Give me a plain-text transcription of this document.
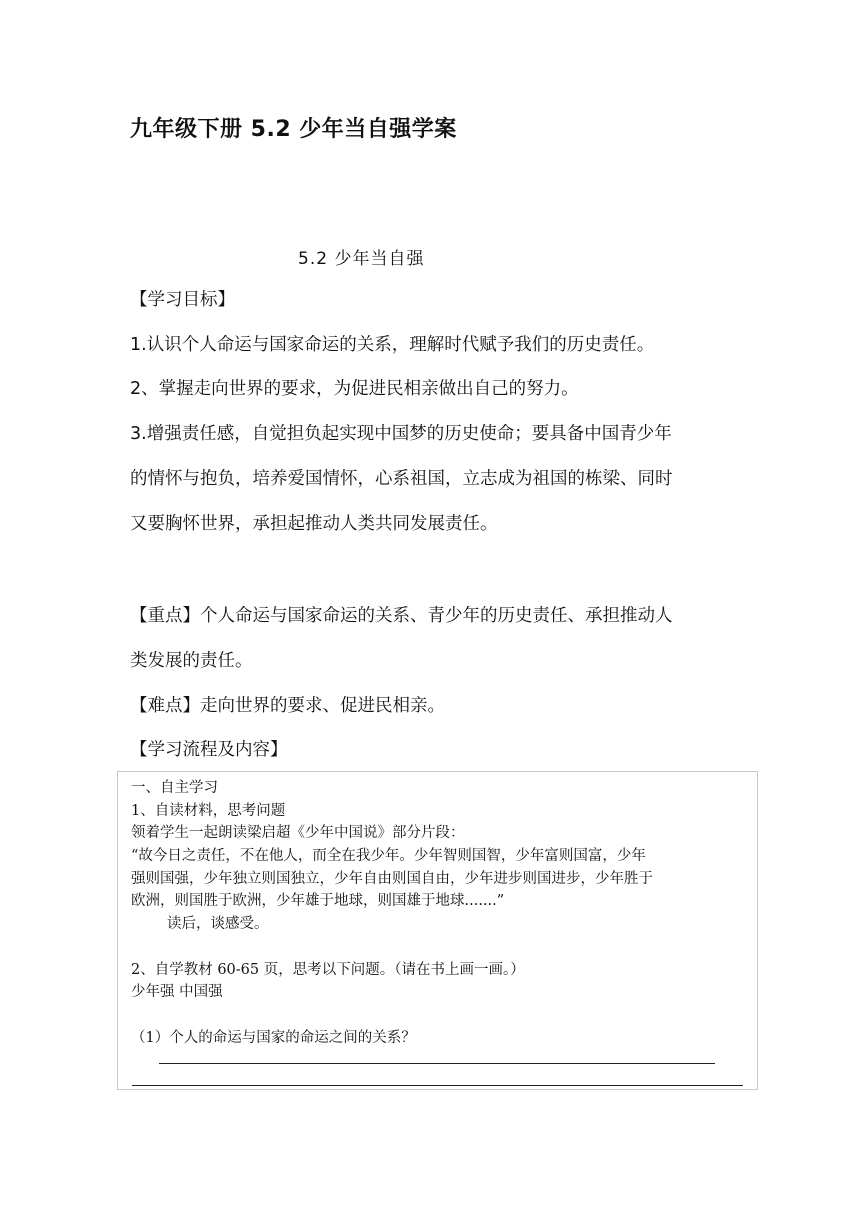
九年级下册 5.2 少年当自强学案
5.2 少年当自强
【学习目标】
1.认识个人命运与国家命运的关系，理解时代赋予我们的历史责任。
2、掌握走向世界的要求，为促进民相亲做出自己的努力。
3.增强责任感，自觉担负起实现中国梦的历史使命；要具备中国青少年
的情怀与抱负，培养爱国情怀，心系祖国，立志成为祖国的栋梁、同时
又要胸怀世界，承担起推动人类共同发展责任。
【重点】个人命运与国家命运的关系、青少年的历史责任、承担推动人
类发展的责任。
【难点】走向世界的要求、促进民相亲。
【学习流程及内容】
一、自主学习
1、自读材料，思考问题
领着学生一起朗读梁启超《少年中国说》部分片段：
“故今日之责任，不在他人，而全在我少年。少年智则国智，少年富则国富，少年
强则国强，少年独立则国独立，少年自由则国自由，少年进步则国进步，少年胜于
欧洲，则国胜于欧洲，少年雄于地球，则国雄于地球.......”
读后，谈感受。
2、自学教材 60-65 页，思考以下问题。（请在书上画一画。）
少年强 中国强
（1）个人的命运与国家的命运之间的关系？
